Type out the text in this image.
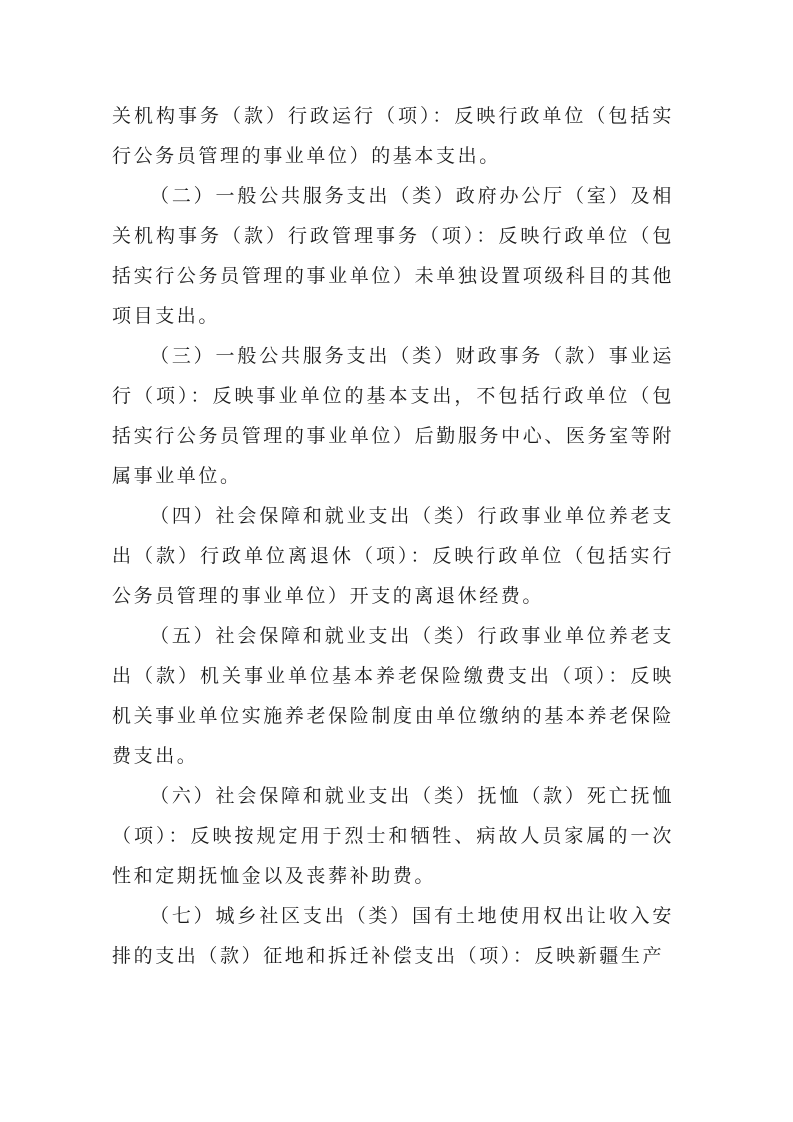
关机构事务（款）行政运行（项）：反映行政单位（包括实行公务员管理的事业单位）的基本支出。

（二）一般公共服务支出（类）政府办公厅（室）及相关机构事务（款）行政管理事务（项）：反映行政单位（包括实行公务员管理的事业单位）未单独设置项级科目的其他项目支出。

（三）一般公共服务支出（类）财政事务（款）事业运行（项）：反映事业单位的基本支出，不包括行政单位（包括实行公务员管理的事业单位）后勤服务中心、医务室等附属事业单位。

（四）社会保障和就业支出（类）行政事业单位养老支出（款）行政单位离退休（项）：反映行政单位（包括实行公务员管理的事业单位）开支的离退休经费。

（五）社会保障和就业支出（类）行政事业单位养老支出（款）机关事业单位基本养老保险缴费支出（项）：反映机关事业单位实施养老保险制度由单位缴纳的基本养老保险费支出。

（六）社会保障和就业支出（类）抚恤（款）死亡抚恤（项）：反映按规定用于烈士和牺牲、病故人员家属的一次性和定期抚恤金以及丧葬补助费。

（七）城乡社区支出（类）国有土地使用权出让收入安排的支出（款）征地和拆迁补偿支出（项）：反映新疆生产
